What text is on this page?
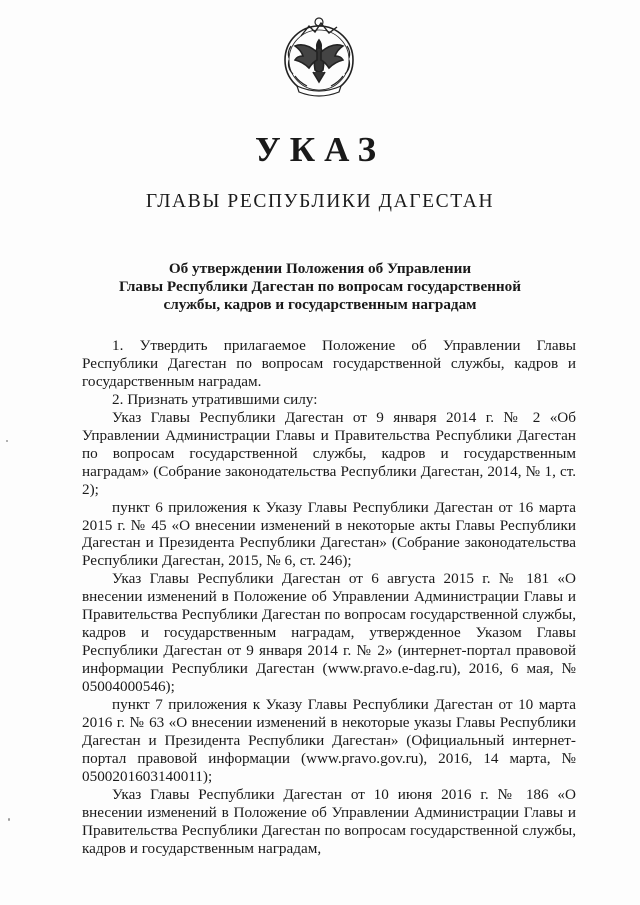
УКАЗ
ГЛАВЫ РЕСПУБЛИКИ ДАГЕСТАН
Об утверждении Положения об Управлении
Главы Республики Дагестан по вопросам государственной
службы, кадров и государственным наградам

1. Утвердить прилагаемое Положение об Управлении Главы Республики Дагестан по вопросам государственной службы, кадров и государственным наградам.

2. Признать утратившими силу:

Указ Главы Республики Дагестан от 9 января 2014 г. № 2 «Об Управлении Администрации Главы и Правительства Республики Дагестан по вопросам государственной службы, кадров и государственным наградам» (Собрание законодательства Республики Дагестан, 2014, № 1, ст. 2);

пункт 6 приложения к Указу Главы Республики Дагестан от 16 марта 2015 г. № 45 «О внесении изменений в некоторые акты Главы Республики Дагестан и Президента Республики Дагестан» (Собрание законодательства Республики Дагестан, 2015, № 6, ст. 246);

Указ Главы Республики Дагестан от 6 августа 2015 г. № 181 «О внесении изменений в Положение об Управлении Администрации Главы и Правительства Республики Дагестан по вопросам государственной службы, кадров и государственным наградам, утвержденное Указом Главы Республики Дагестан от 9 января 2014 г. № 2» (интернет-портал правовой информации Республики Дагестан (www.pravo.e-dag.ru), 2016, 6 мая, № 05004000546);

пункт 7 приложения к Указу Главы Республики Дагестан от 10 марта 2016 г. № 63 «О внесении изменений в некоторые указы Главы Республики Дагестан и Президента Республики Дагестан» (Официальный интернет-портал правовой информации (www.pravo.gov.ru), 2016, 14 марта, № 0500201603140011);

Указ Главы Республики Дагестан от 10 июня 2016 г. № 186 «О внесении изменений в Положение об Управлении Администрации Главы и Правительства Республики Дагестан по вопросам государственной службы, кадров и государственным наградам,
